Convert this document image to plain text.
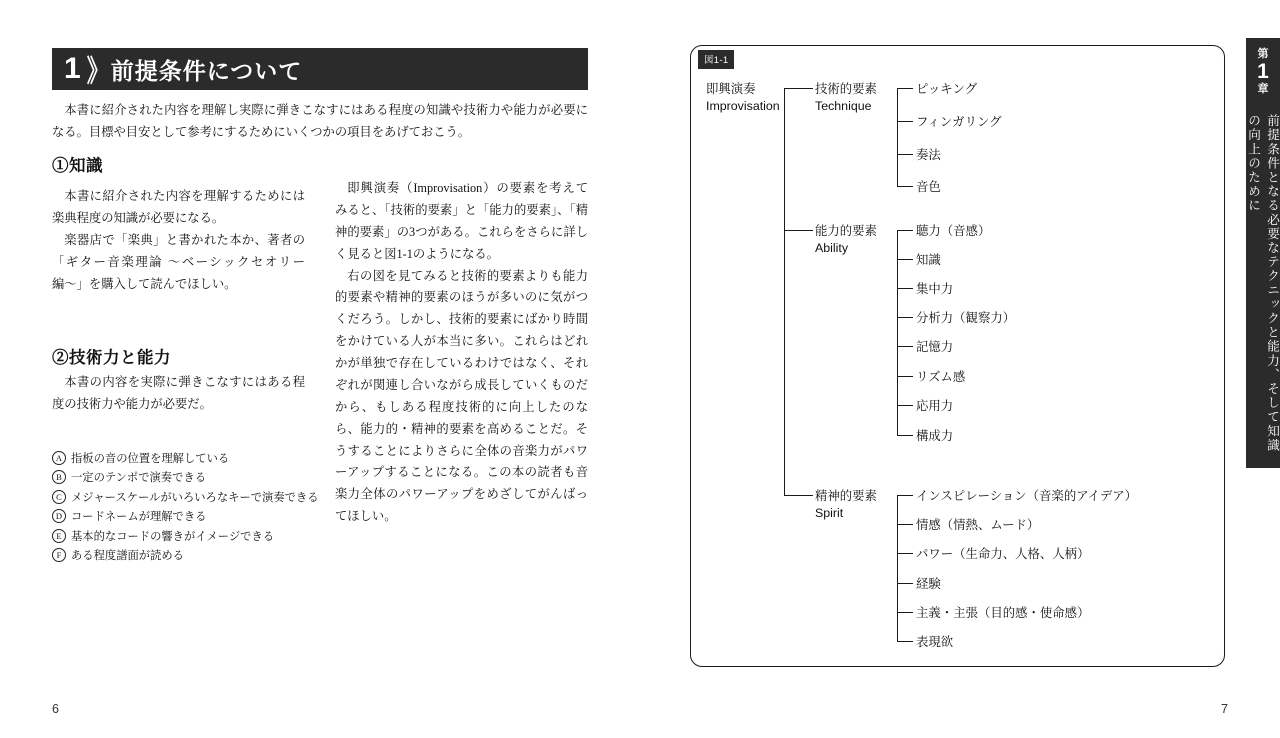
1 》 前提条件について
本書に紹介された内容を理解し実際に弾きこなすにはある程度の知識や技術力や能力が必要になる。目標や目安として参考にするためにいくつかの項目をあげておこう。
①知識

本書に紹介された内容を理解するためには楽典程度の知識が必要になる。

楽器店で「楽典」と書かれた本か、著者の「ギター音楽理論 〜ベーシックセオリー編〜」を購入して読んでほしい。

②技術力と能力

本書の内容を実際に弾きこなすにはある程度の技術力や能力が必要だ。

即興演奏（Improvisation）の要素を考えてみると、「技術的要素」と「能力的要素」、「精神的要素」の3つがある。これらをさらに詳しく見ると図1-1のようになる。

右の図を見てみると技術的要素よりも能力的要素や精神的要素のほうが多いのに気がつくだろう。しかし、技術的要素にばかり時間をかけている人が本当に多い。これらはどれかが単独で存在しているわけではなく、それぞれが関連し合いながら成長していくものだから、もしある程度技術的に向上したのなら、能力的・精神的要素を高めることだ。そうすることによりさらに全体の音楽力がパワーアップすることになる。この本の読者も音楽力全体のパワーアップをめざしてがんばってほしい。

A 指板の音の位置を理解している
B 一定のテンポで演奏できる
C メジャースケールがいろいろなキーで演奏できる
D コードネームが理解できる
E 基本的なコードの響きがイメージできる
F ある程度譜面が読める
6
図1-1
即興演奏
Improvisation
技術的要素
Technique
ピッキング
フィンガリング
奏法
音色
能力的要素
Ability
聴力（音感）
知識
集中力
分析力（観察力）
記憶力
リズム感
応用力
構成力
精神的要素
Spirit
インスピレーション（音楽的アイデア）
情感（情熱、ムード）
パワー（生命力、人格、人柄）
経験
主義・主張（目的感・使命感）
表現欲
7
第
1
章
前提条件となる必要なテクニックと能力、そして知識の向上のために
